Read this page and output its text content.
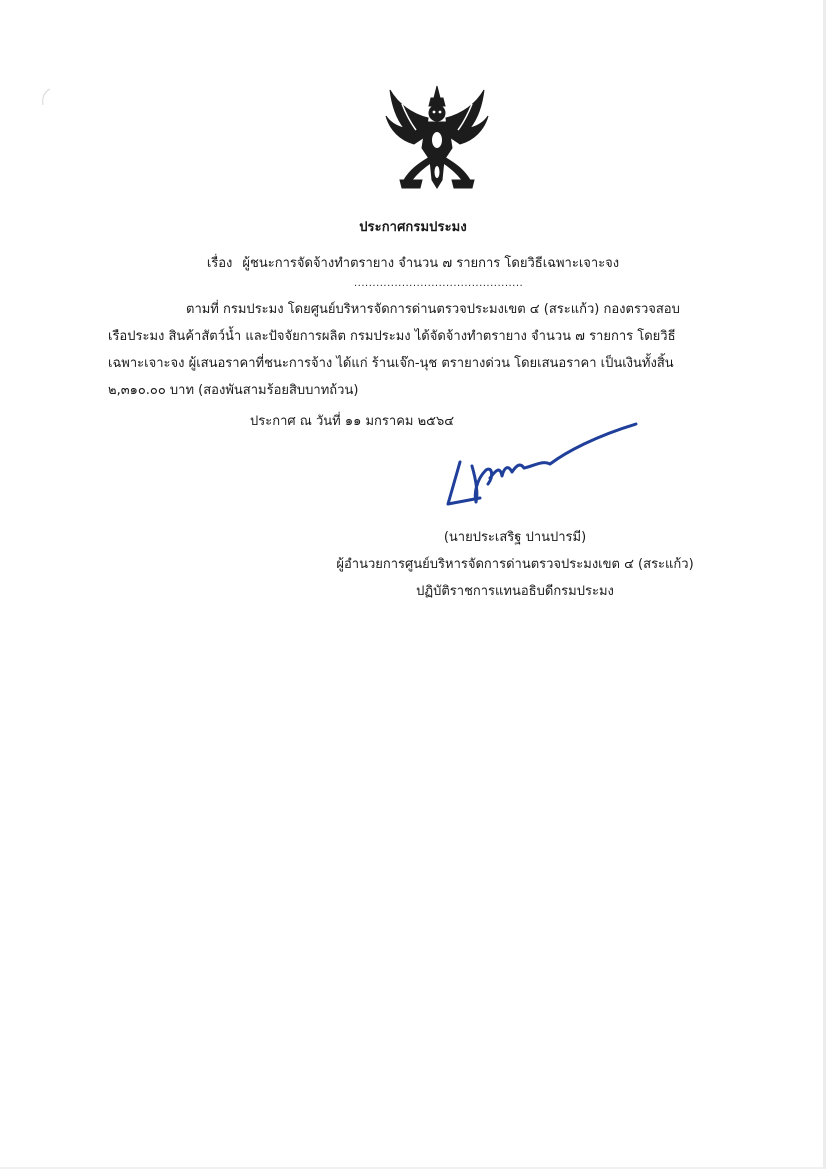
ประกาศกรมประมง
เรื่อง ผู้ชนะการจัดจ้างทำตรายาง จำนวน ๗ รายการ โดยวิธีเฉพาะเจาะจง
..............................................
ตามที่ กรมประมง โดยศูนย์บริหารจัดการด่านตรวจประมงเขต ๔ (สระแก้ว) กองตรวจสอบ
เรือประมง สินค้าสัตว์น้ำ และปัจจัยการผลิต กรมประมง ได้จัดจ้างทำตรายาง จำนวน ๗ รายการ โดยวิธี
เฉพาะเจาะจง ผู้เสนอราคาที่ชนะการจ้าง ได้แก่ ร้านเจ๊ก-นุช ตรายางด่วน โดยเสนอราคา เป็นเงินทั้งสิ้น
๒,๓๑๐.๐๐ บาท (สองพันสามร้อยสิบบาทถ้วน)
ประกาศ ณ วันที่ ๑๑ มกราคม ๒๕๖๔
(นายประเสริฐ ปานปารมี)
ผู้อำนวยการศูนย์บริหารจัดการด่านตรวจประมงเขต ๔ (สระแก้ว)
ปฏิบัติราชการแทนอธิบดีกรมประมง
